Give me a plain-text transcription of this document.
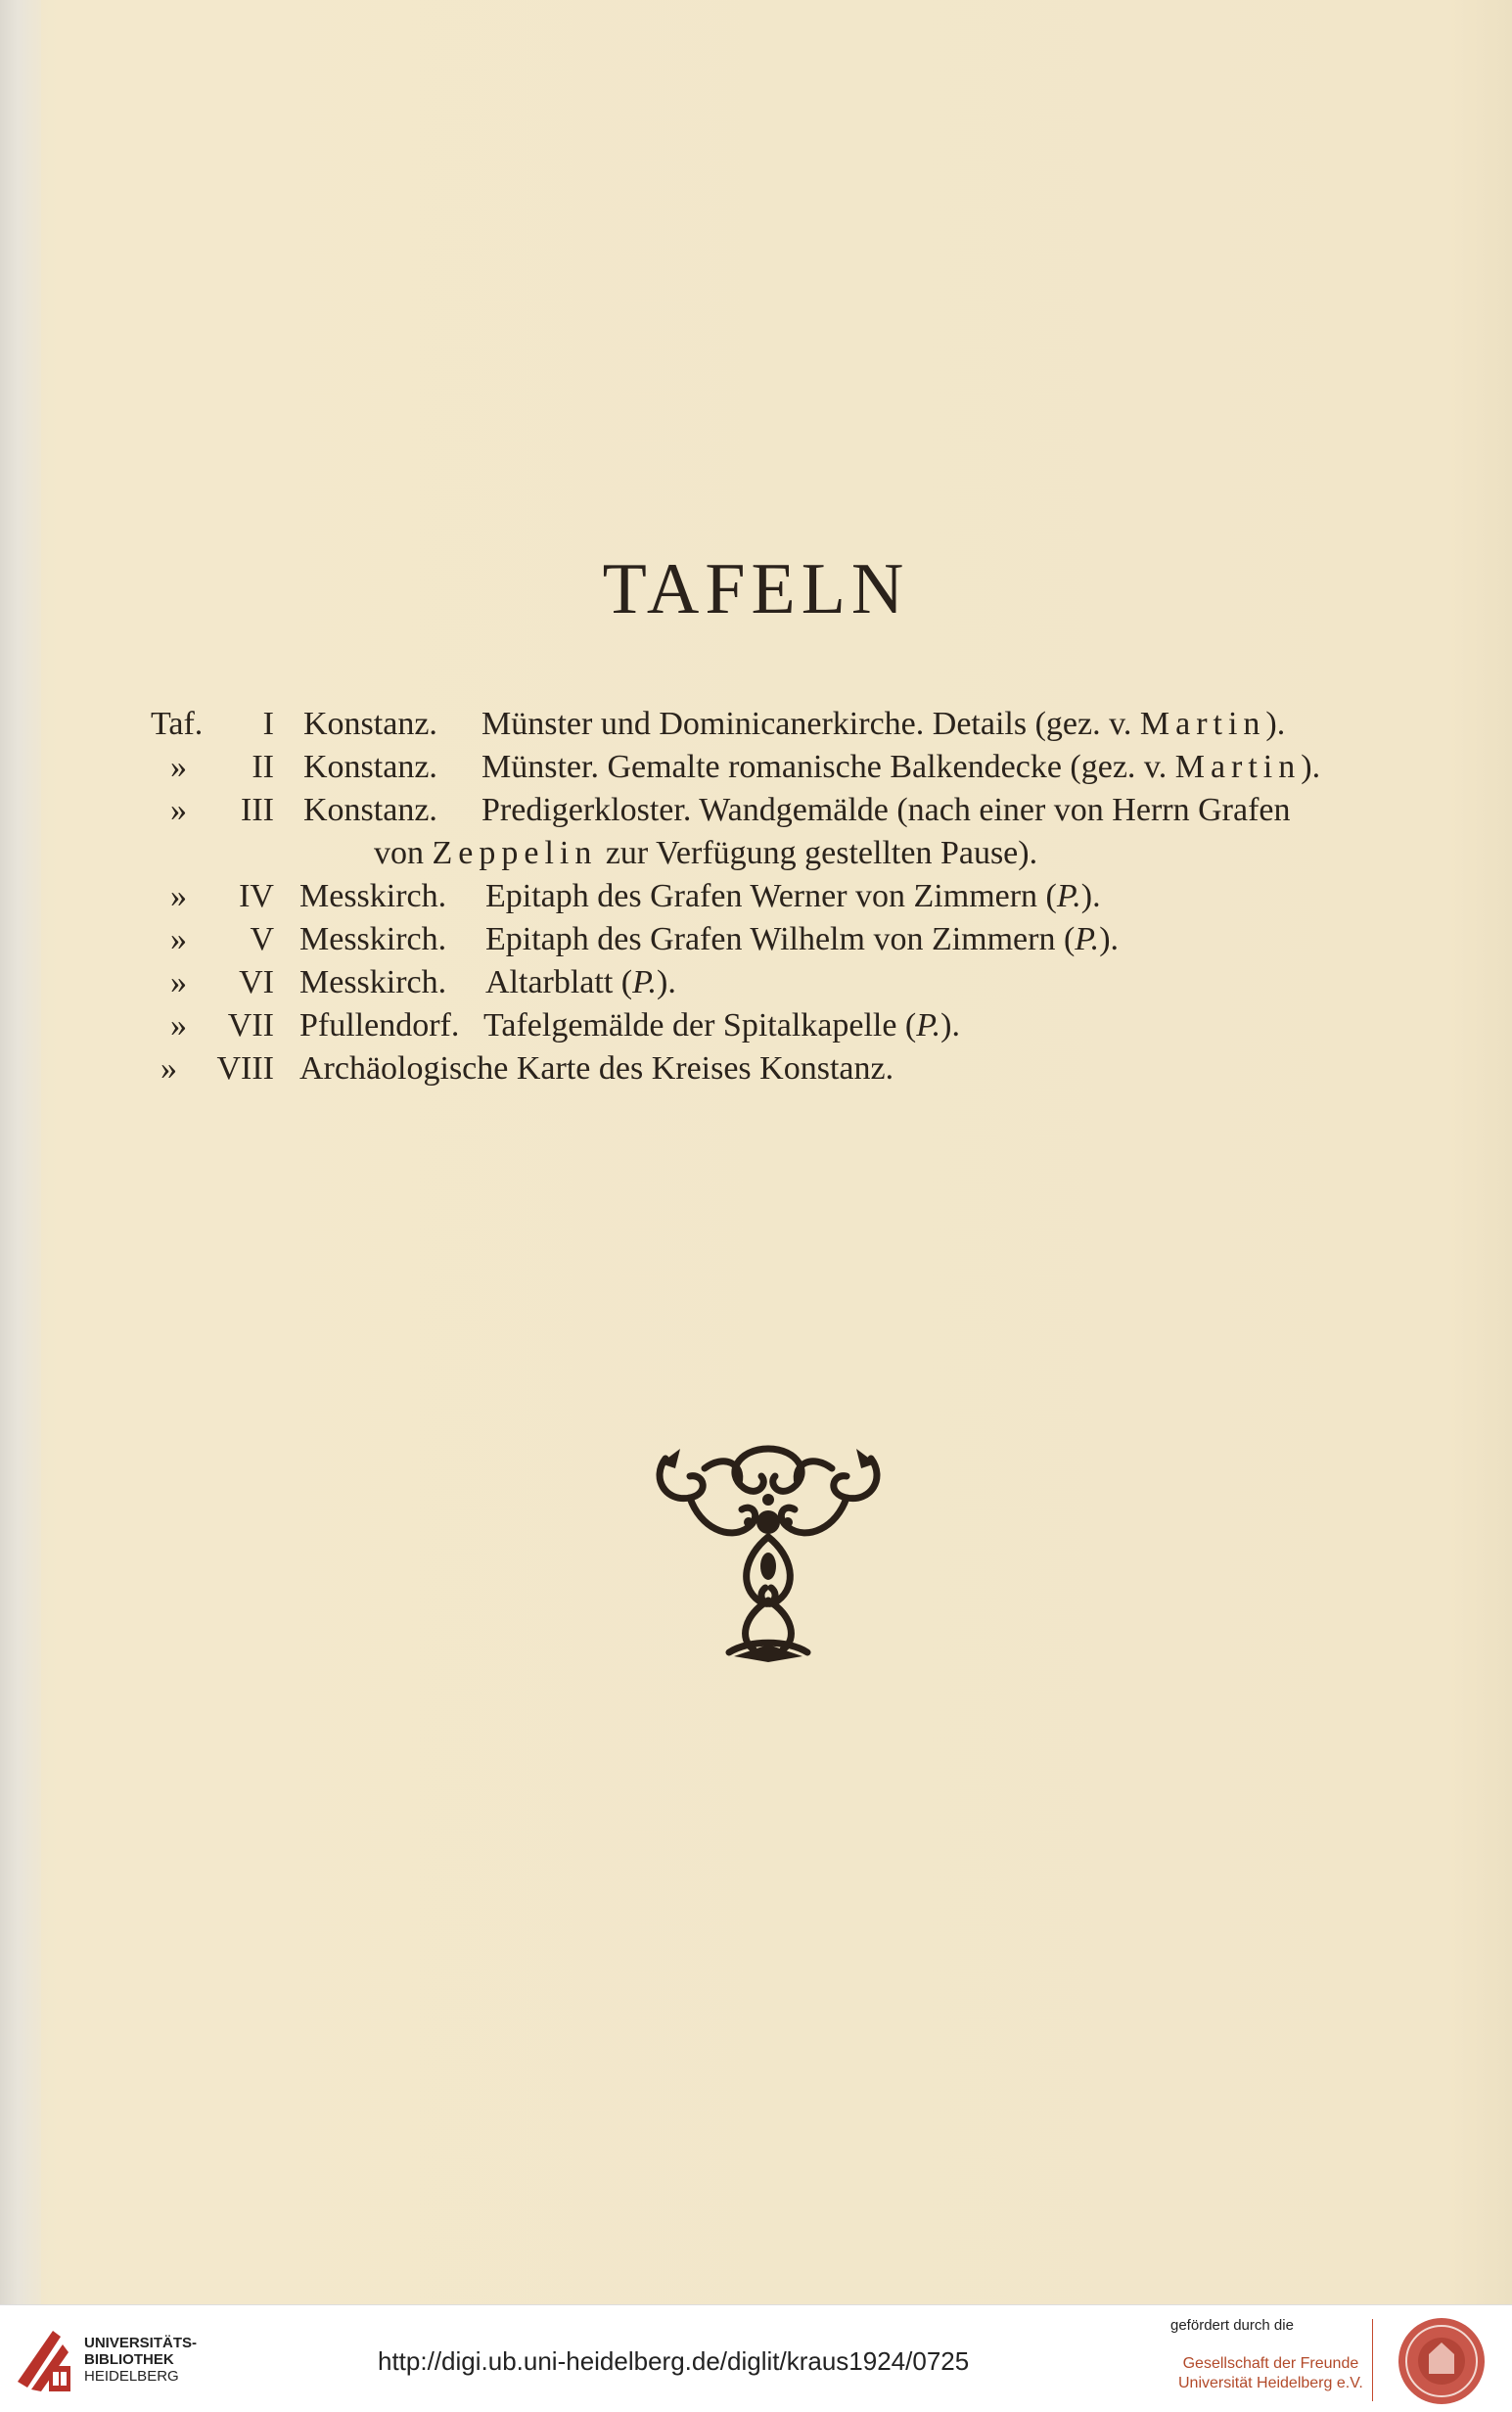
TAFELN
Taf.	I Konstanz. Münster und Dominicanerkirche. Details (gez. v. Martin).
»	II Konstanz. Münster. Gemalte romanische Balkendecke (gez. v. Martin).
»	III Konstanz. Predigerkloster. Wandgemälde (nach einer von Herrn Grafen
von Zeppelin zur Verfügung gestellten Pause).
»	IV Messkirch. Epitaph des Grafen Werner von Zimmern (P.).
»	V Messkirch. Epitaph des Grafen Wilhelm von Zimmern (P.).
»	VI Messkirch. Altarblatt (P.).
»	VII Pfullendorf. Tafelgemälde der Spitalkapelle (P.).
»	VIII Archäologische Karte des Kreises Konstanz.
UNIVERSITÄTS-
BIBLIOTHEK
HEIDELBERG
http://digi.ub.uni-heidelberg.de/diglit/kraus1924/0725
gefördert durch die
Gesellschaft der Freunde
Universität Heidelberg e.V.
